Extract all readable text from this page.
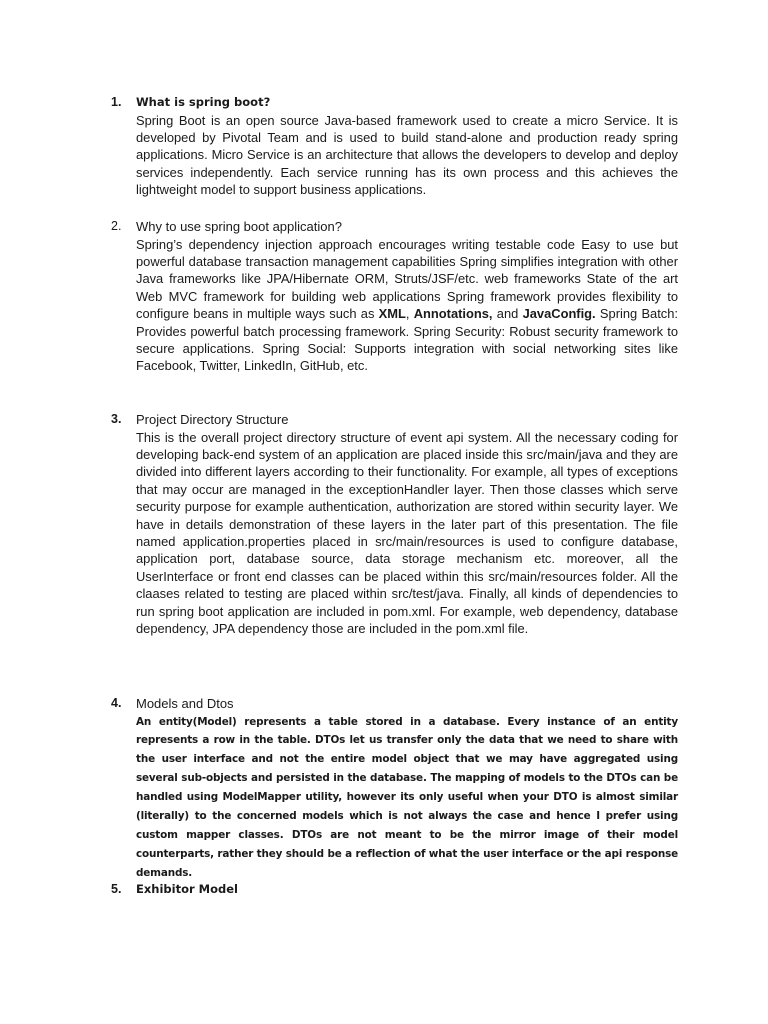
1. What is spring boot?
Spring Boot is an open source Java-based framework used to create a micro Service. It is developed by Pivotal Team and is used to build stand-alone and production ready spring applications. Micro Service is an architecture that allows the developers to develop and deploy services independently. Each service running has its own process and this achieves the lightweight model to support business applications.
2. Why to use spring boot application?
Spring’s dependency injection approach encourages writing testable code Easy to use but powerful database transaction management capabilities Spring simplifies integration with other Java frameworks like JPA/Hibernate ORM, Struts/JSF/etc. web frameworks State of the art Web MVC framework for building web applications Spring framework provides flexibility to configure beans in multiple ways such as XML, Annotations, and JavaConfig. Spring Batch: Provides powerful batch processing framework. Spring Security: Robust security framework to secure applications. Spring Social: Supports integration with social networking sites like Facebook, Twitter, LinkedIn, GitHub, etc.
3. Project Directory Structure
This is the overall project directory structure of event api system. All the necessary coding for developing back-end system of an application are placed inside this src/main/java and they are divided into different layers according to their functionality. For example, all types of exceptions that may occur are managed in the exceptionHandler layer. Then those classes which serve security purpose for example authentication, authorization are stored within security layer. We have in details demonstration of these layers in the later part of this presentation. The file named application.properties placed in src/main/resources is used to configure database, application port, database source, data storage mechanism etc. moreover, all the UserInterface or front end classes can be placed within this src/main/resources folder. All the claases related to testing are placed within src/test/java. Finally, all kinds of dependencies to run spring boot application are included in pom.xml. For example, web dependency, database dependency, JPA dependency those are included in the pom.xml file.
4. Models and Dtos
An entity(Model) represents a table stored in a database. Every instance of an entity represents a row in the table. DTOs let us transfer only the data that we need to share with the user interface and not the entire model object that we may have aggregated using several sub-objects and persisted in the database. The mapping of models to the DTOs can be handled using ModelMapper utility, however its only useful when your DTO is almost similar (literally) to the concerned models which is not always the case and hence I prefer using custom mapper classes. DTOs are not meant to be the mirror image of their model counterparts, rather they should be a reflection of what the user interface or the api response demands.
5. Exhibitor Model
